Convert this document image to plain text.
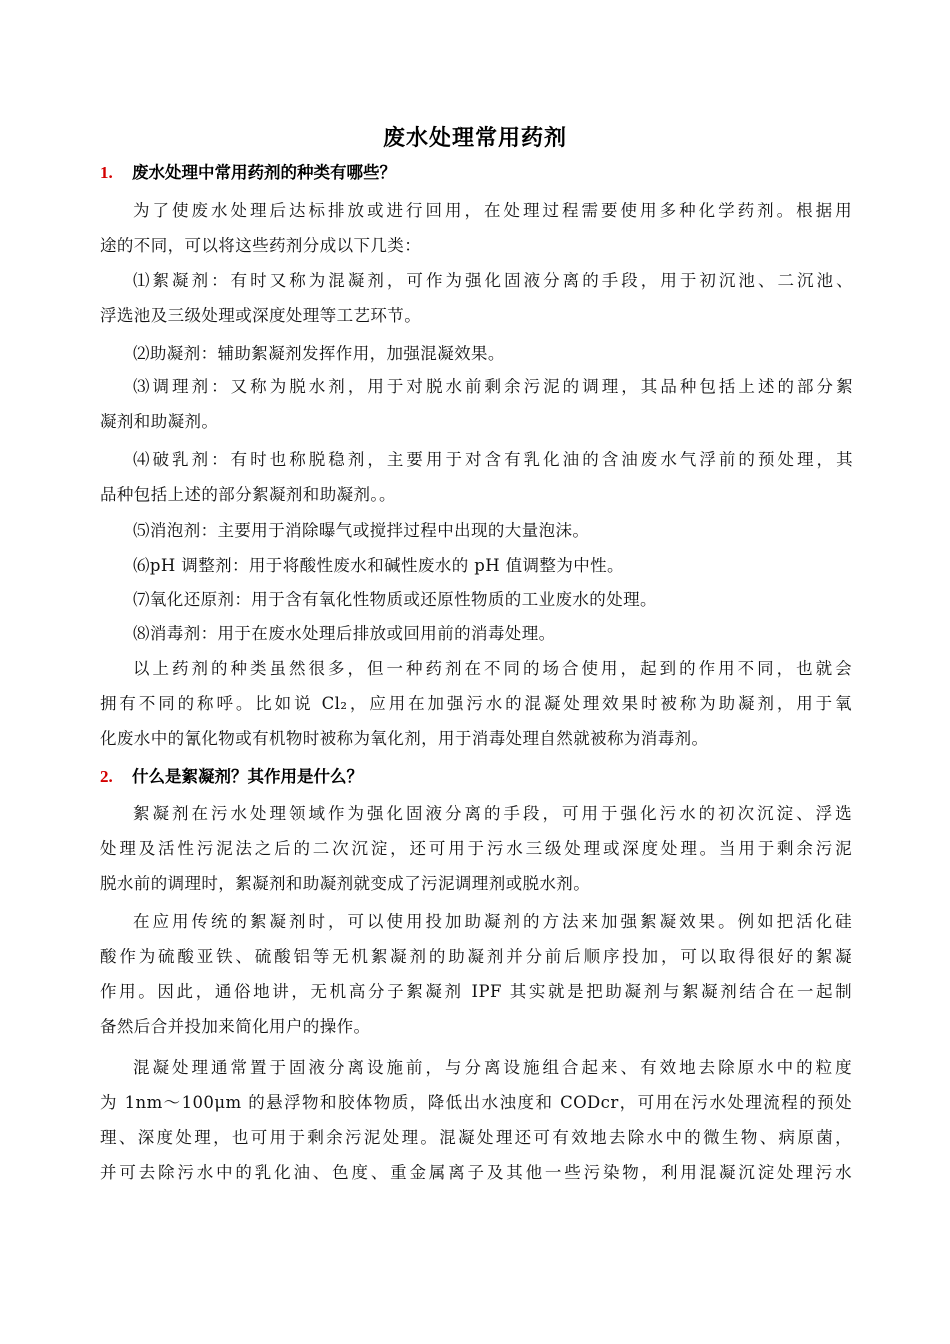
废水处理常用药剂
1. 废水处理中常用药剂的种类有哪些？
为了使废水处理后达标排放或进行回用，在处理过程需要使用多种化学药剂。根据用
途的不同，可以将这些药剂分成以下几类：
⑴絮凝剂：有时又称为混凝剂，可作为强化固液分离的手段，用于初沉池、二沉池、
浮选池及三级处理或深度处理等工艺环节。
⑵助凝剂：辅助絮凝剂发挥作用，加强混凝效果。
⑶调理剂：又称为脱水剂，用于对脱水前剩余污泥的调理，其品种包括上述的部分絮
凝剂和助凝剂。
⑷破乳剂：有时也称脱稳剂，主要用于对含有乳化油的含油废水气浮前的预处理，其
品种包括上述的部分絮凝剂和助凝剂。。
⑸消泡剂：主要用于消除曝气或搅拌过程中出现的大量泡沫。
⑹pH 调整剂：用于将酸性废水和碱性废水的 pH 值调整为中性。
⑺氧化还原剂：用于含有氧化性物质或还原性物质的工业废水的处理。
⑻消毒剂：用于在废水处理后排放或回用前的消毒处理。
以上药剂的种类虽然很多，但一种药剂在不同的场合使用，起到的作用不同，也就会
拥有不同的称呼。比如说 Cl₂，应用在加强污水的混凝处理效果时被称为助凝剂，用于氧
化废水中的氰化物或有机物时被称为氧化剂，用于消毒处理自然就被称为消毒剂。
2. 什么是絮凝剂？其作用是什么？
絮凝剂在污水处理领域作为强化固液分离的手段，可用于强化污水的初次沉淀、浮选
处理及活性污泥法之后的二次沉淀，还可用于污水三级处理或深度处理。当用于剩余污泥
脱水前的调理时，絮凝剂和助凝剂就变成了污泥调理剂或脱水剂。
在应用传统的絮凝剂时，可以使用投加助凝剂的方法来加强絮凝效果。例如把活化硅
酸作为硫酸亚铁、硫酸铝等无机絮凝剂的助凝剂并分前后顺序投加，可以取得很好的絮凝
作用。因此，通俗地讲，无机高分子絮凝剂 IPF 其实就是把助凝剂与絮凝剂结合在一起制
备然后合并投加来简化用户的操作。
混凝处理通常置于固液分离设施前，与分离设施组合起来、有效地去除原水中的粒度
为 1nm～100μm 的悬浮物和胶体物质，降低出水浊度和 CODcr，可用在污水处理流程的预处
理、深度处理，也可用于剩余污泥处理。混凝处理还可有效地去除水中的微生物、病原菌，
并可去除污水中的乳化油、色度、重金属离子及其他一些污染物，利用混凝沉淀处理污水
